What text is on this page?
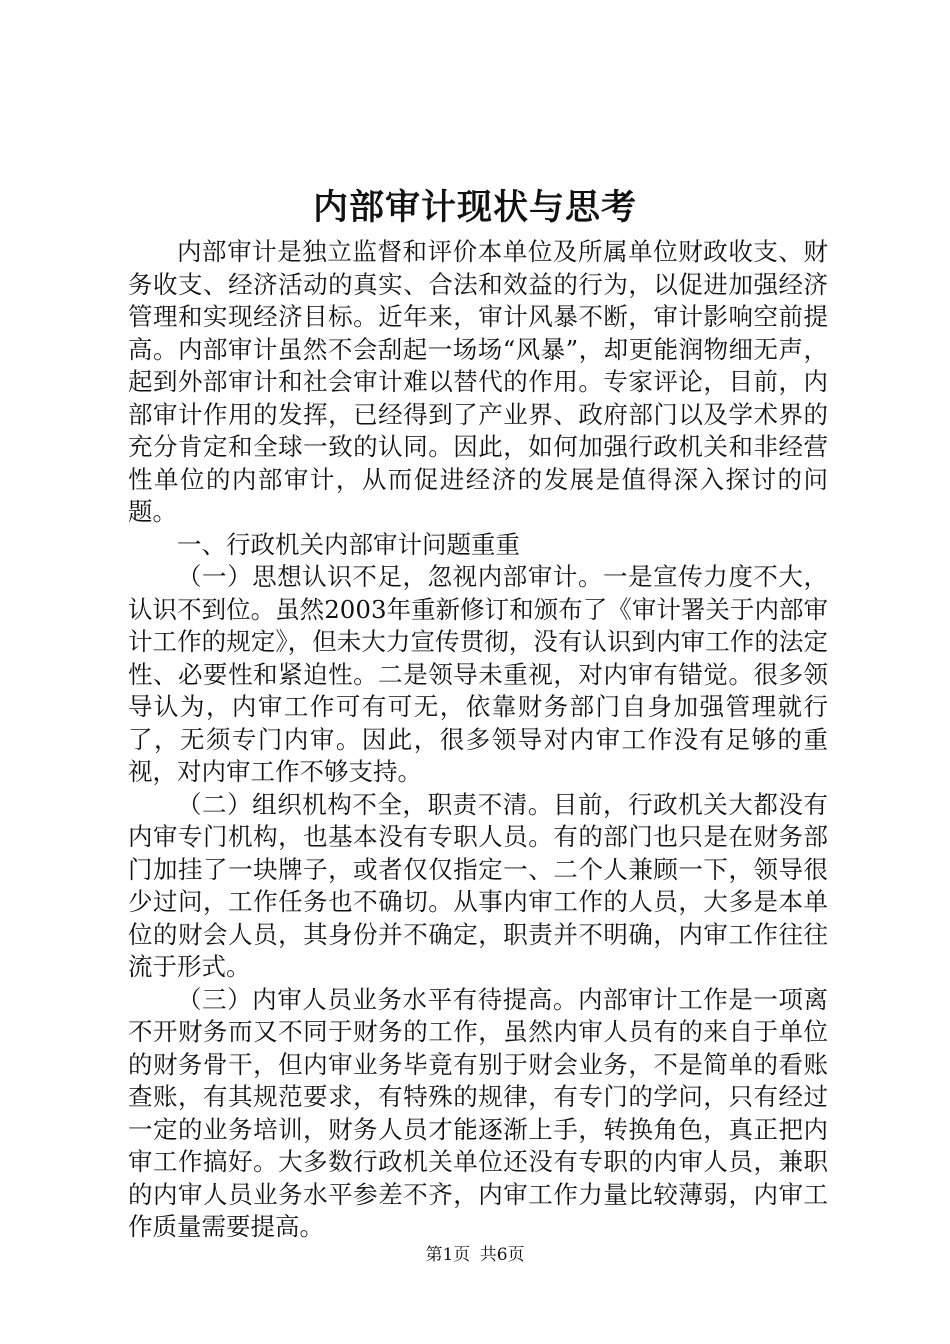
内部审计现状与思考

内部审计是独立监督和评价本单位及所属单位财政收支、财务收支、经济活动的真实、合法和效益的行为，以促进加强经济管理和实现经济目标。近年来，审计风暴不断，审计影响空前提高。内部审计虽然不会刮起一场场“风暴”，却更能润物细无声，起到外部审计和社会审计难以替代的作用。专家评论，目前，内部审计作用的发挥，已经得到了产业界、政府部门以及学术界的充分肯定和全球一致的认同。因此，如何加强行政机关和非经营性单位的内部审计，从而促进经济的发展是值得深入探讨的问题。

一、行政机关内部审计问题重重

（一）思想认识不足，忽视内部审计。一是宣传力度不大，认识不到位。虽然2003年重新修订和颁布了《审计署关于内部审计工作的规定》，但未大力宣传贯彻，没有认识到内审工作的法定性、必要性和紧迫性。二是领导未重视，对内审有错觉。很多领导认为，内审工作可有可无，依靠财务部门自身加强管理就行了，无须专门内审。因此，很多领导对内审工作没有足够的重视，对内审工作不够支持。

（二）组织机构不全，职责不清。目前，行政机关大都没有内审专门机构，也基本没有专职人员。有的部门也只是在财务部门加挂了一块牌子，或者仅仅指定一、二个人兼顾一下，领导很少过问，工作任务也不确切。从事内审工作的人员，大多是本单位的财会人员，其身份并不确定，职责并不明确，内审工作往往流于形式。

（三）内审人员业务水平有待提高。内部审计工作是一项离不开财务而又不同于财务的工作，虽然内审人员有的来自于单位的财务骨干，但内审业务毕竟有别于财会业务，不是简单的看账查账，有其规范要求，有特殊的规律，有专门的学问，只有经过一定的业务培训，财务人员才能逐渐上手，转换角色，真正把内审工作搞好。大多数行政机关单位还没有专职的内审人员，兼职的内审人员业务水平参差不齐，内审工作力量比较薄弱，内审工作质量需要提高。

第1页 共6页
